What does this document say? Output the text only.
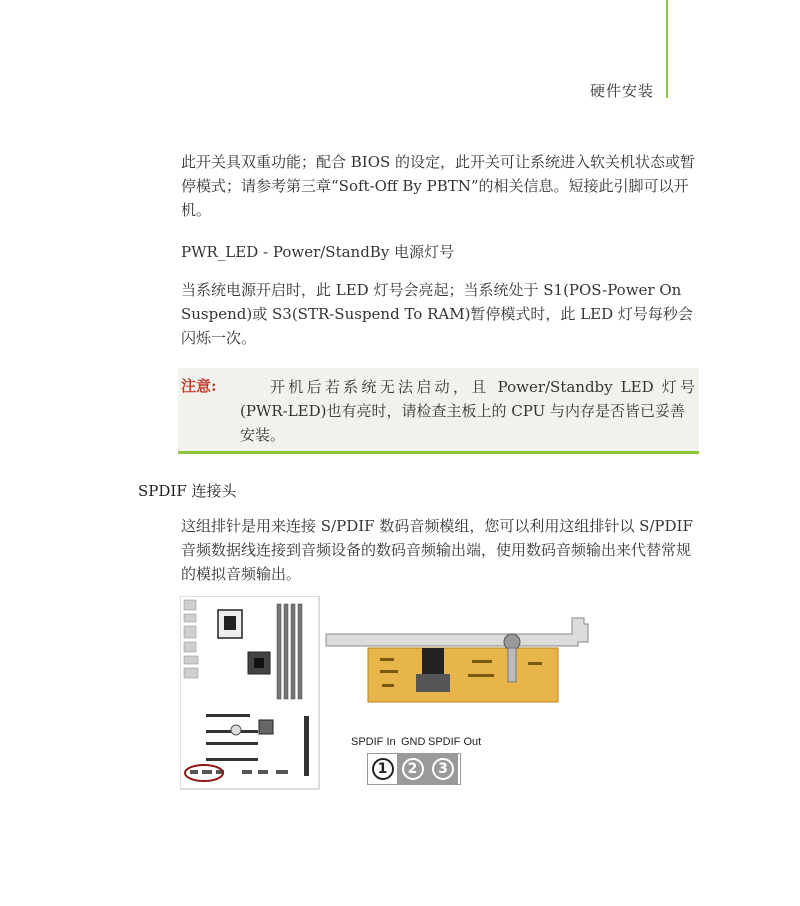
硬件安装
此开关具双重功能；配合 BIOS 的设定，此开关可让系统进入软关机状态或暂停模式；请参考第三章“Soft-Off By PBTN”的相关信息。短接此引脚可以开机。
PWR_LED - Power/StandBy 电源灯号
当系统电源开启时，此 LED 灯号会亮起；当系统处于 S1(POS-Power On Suspend)或 S3(STR-Suspend To RAM)暂停模式时，此 LED 灯号每秒会闪烁一次。
注意:	开机后若系统无法启动，且 Power/Standby LED 灯号
(PWR-LED)也有亮时，请检查主板上的 CPU 与内存是否皆已妥善安装。
SPDIF 连接头
这组排针是用来连接 S/PDIF 数码音频模组，您可以利用这组排针以 S/PDIF 音频数据线连接到音频设备的数码音频输出端，使用数码音频输出来代替常规的模拟音频输出。
SPDIF In GND SPDIF Out
1	2	3
